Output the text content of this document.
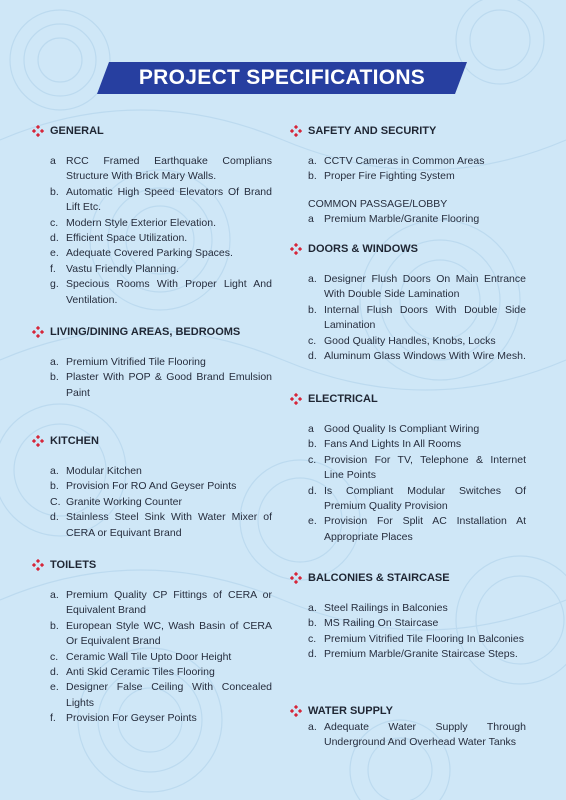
PROJECT SPECIFICATIONS
GENERAL
a RCC Framed Earthquake Complians Structure With Brick Mary Walls.
b. Automatic High Speed Elevators Of Brand Lift Etc.
c. Modern Style Exterior Elevation.
d. Efficient Space Utilization.
e. Adequate Covered Parking Spaces.
f. Vastu Friendly Planning.
g. Specious Rooms With Proper Light And Ventilation.
LIVING/DINING AREAS, BEDROOMS
a. Premium Vitrified Tile Flooring
b. Plaster With POP & Good Brand Emulsion Paint
KITCHEN
a. Modular Kitchen
b. Provision For RO And Geyser Points
C. Granite Working Counter
d. Stainless Steel Sink With Water Mixer of CERA or Equivant Brand
TOILETS
a. Premium Quality CP Fittings of CERA or Equivalent Brand
b. European Style WC, Wash Basin of CERA Or Equivalent Brand
c. Ceramic Wall Tile Upto Door Height
d. Anti Skid Ceramic Tiles Flooring
e. Designer False Ceiling With Concealed Lights
f. Provision For Geyser Points
SAFETY AND SECURITY
a. CCTV Cameras in Common Areas
b. Proper Fire Fighting System
COMMON PASSAGE/LOBBY
a Premium Marble/Granite Flooring
DOORS & WINDOWS
a. Designer Flush Doors On Main Entrance With Double Side Lamination
b. Internal Flush Doors With Double Side Lamination
c. Good Quality Handles, Knobs, Locks
d. Aluminum Glass Windows With Wire Mesh.
ELECTRICAL
a Good Quality Is Compliant Wiring
b. Fans And Lights In All Rooms
c. Provision For TV, Telephone & Internet Line Points
d. Is Compliant Modular Switches Of Premium Quality Provision
e. Provision For Split AC Installation At Appropriate Places
BALCONIES & STAIRCASE
a. Steel Railings in Balconies
b. MS Railing On Staircase
c. Premium Vitrified Tile Flooring In Balconies
d. Premium Marble/Granite Staircase Steps.
WATER SUPPLY
a. Adequate Water Supply Through Underground And Overhead Water Tanks
